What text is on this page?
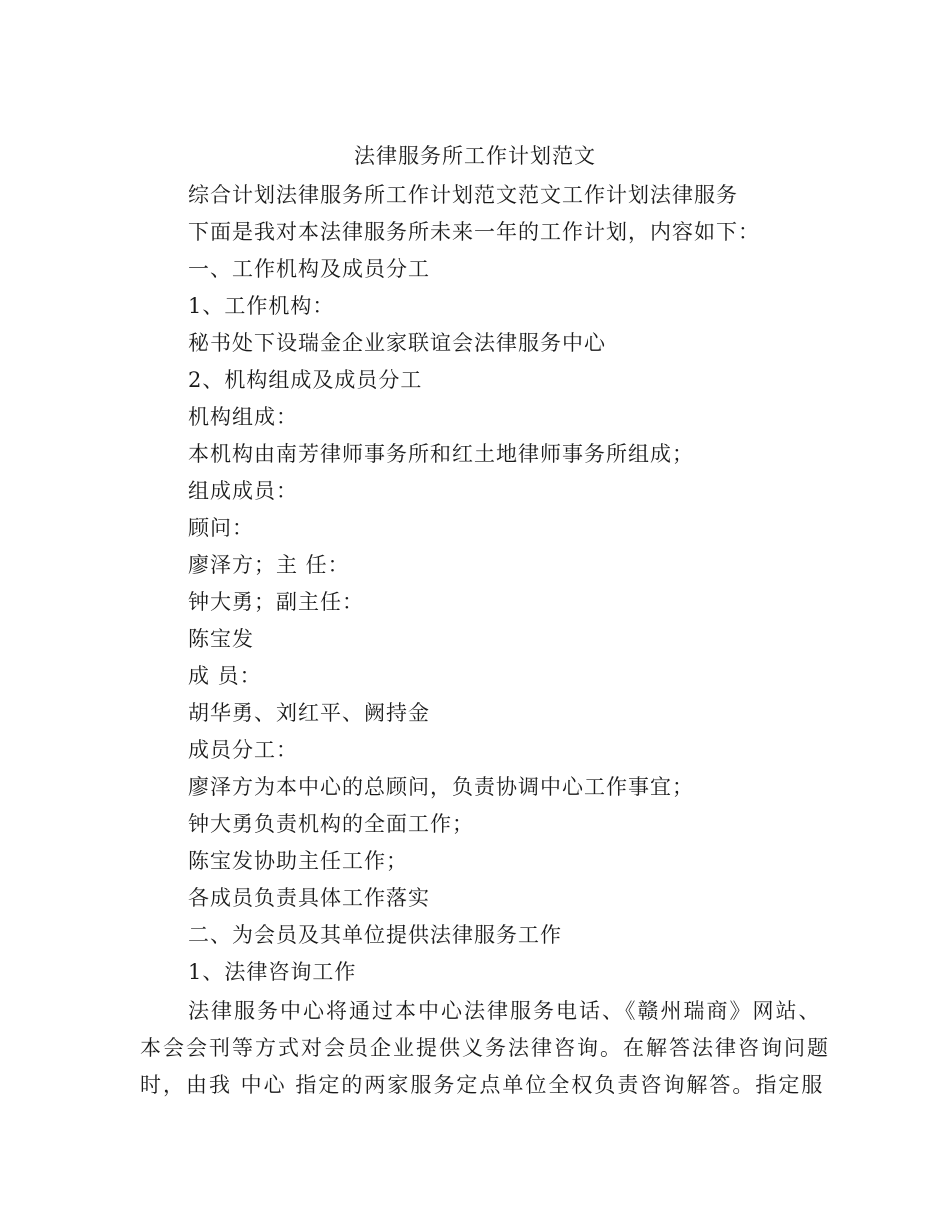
法律服务所工作计划范文
综合计划法律服务所工作计划范文范文工作计划法律服务
下面是我对本法律服务所未来一年的工作计划，内容如下：
一、工作机构及成员分工
1、工作机构：
秘书处下设瑞金企业家联谊会法律服务中心
2、机构组成及成员分工
机构组成：
本机构由南芳律师事务所和红土地律师事务所组成；
组成成员：
顾问：
廖泽方；主 任：
钟大勇；副主任：
陈宝发
成 员：
胡华勇、刘红平、阙持金
成员分工：
廖泽方为本中心的总顾问，负责协调中心工作事宜；
钟大勇负责机构的全面工作；
陈宝发协助主任工作；
各成员负责具体工作落实
二、为会员及其单位提供法律服务工作
1、法律咨询工作
法律服务中心将通过本中心法律服务电话、《赣州瑞商》网站、
本会会刊等方式对会员企业提供义务法律咨询。在解答法律咨询问题
时，由我 中心 指定的两家服务定点单位全权负责咨询解答。指定服
